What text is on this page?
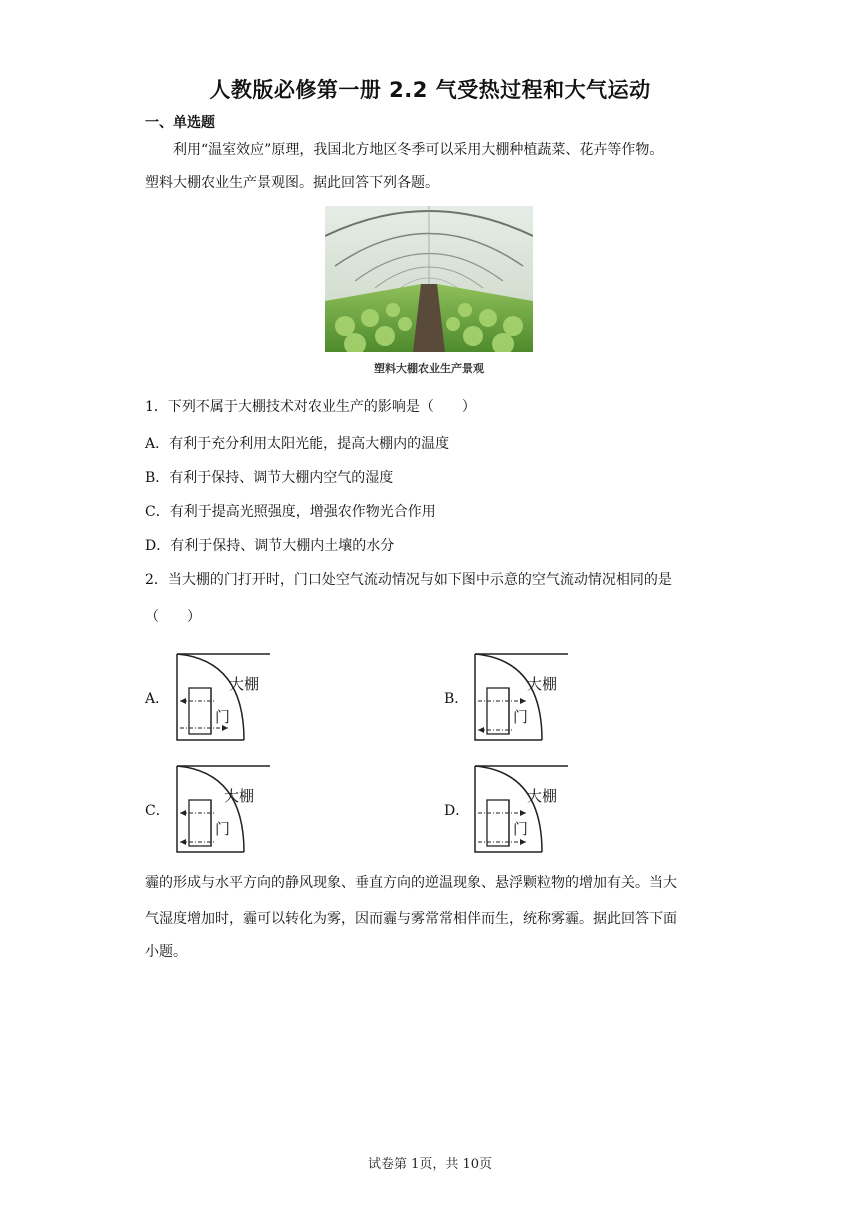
人教版必修第一册 2.2 气受热过程和大气运动
一、单选题

利用“温室效应”原理，我国北方地区冬季可以采用大棚种植蔬菜、花卉等作物。

塑料大棚农业生产景观图。据此回答下列各题。

塑料大棚农业生产景观
1．下列不属于大棚技术对农业生产的影响是（　　）
A．有利于充分利用太阳光能，提高大棚内的温度
B．有利于保持、调节大棚内空气的湿度
C．有利于提高光照强度，增强农作物光合作用
D．有利于保持、调节大棚内土壤的水分
2．当大棚的门打开时，门口处空气流动情况与如下图中示意的空气流动情况相同的是
（　　）
A．
大棚
门
B．
大棚
门
C．
大棚
门
D．
大棚
门

霾的形成与水平方向的静风现象、垂直方向的逆温现象、悬浮颗粒物的增加有关。当大

气湿度增加时，霾可以转化为雾，因而霾与雾常常相伴而生，统称雾霾。据此回答下面

小题。

试卷第 1页，共 10页
